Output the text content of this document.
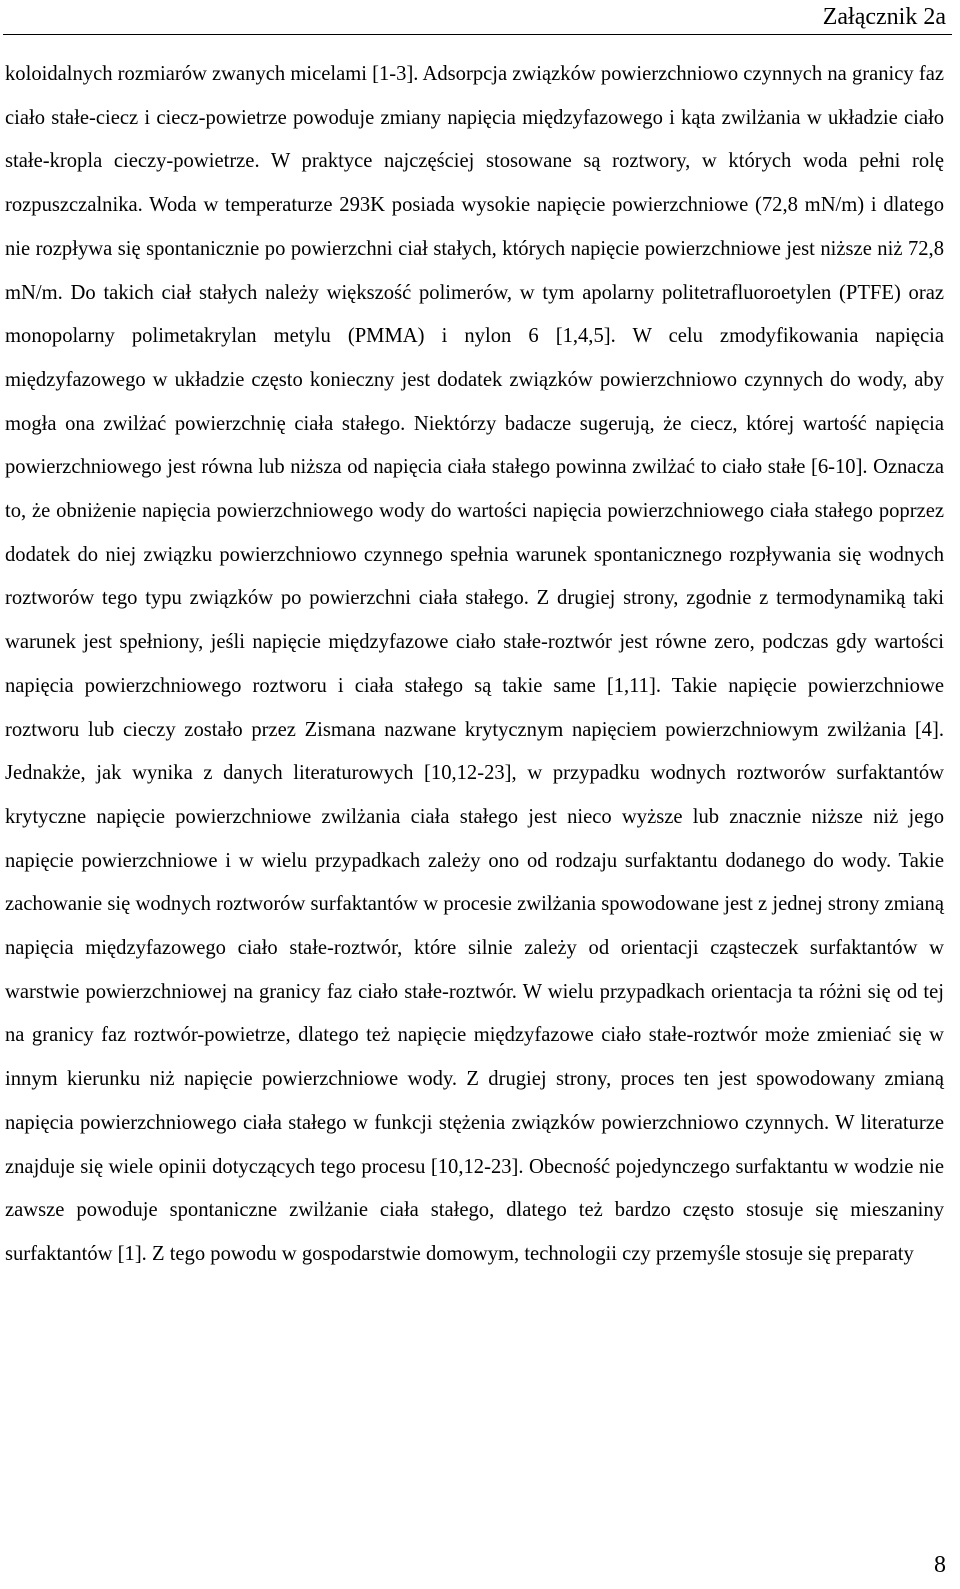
Załącznik 2a

koloidalnych rozmiarów zwanych micelami [1-3]. Adsorpcja związków powierzchniowo czynnych na granicy faz ciało stałe-ciecz i ciecz-powietrze powoduje zmiany napięcia międzyfazowego i kąta zwilżania w układzie ciało stałe-kropla cieczy-powietrze. W praktyce najczęściej stosowane są roztwory, w których woda pełni rolę rozpuszczalnika. Woda w temperaturze 293K posiada wysokie napięcie powierzchniowe (72,8 mN/m) i dlatego nie rozpływa się spontanicznie po powierzchni ciał stałych, których napięcie powierzchniowe jest niższe niż 72,8 mN/m. Do takich ciał stałych należy większość polimerów, w tym apolarny politetrafluoroetylen (PTFE) oraz monopolarny polimetakrylan metylu (PMMA) i nylon 6 [1,4,5]. W celu zmodyfikowania napięcia międzyfazowego w układzie często konieczny jest dodatek związków powierzchniowo czynnych do wody, aby mogła ona zwilżać powierzchnię ciała stałego. Niektórzy badacze sugerują, że ciecz, której wartość napięcia powierzchniowego jest równa lub niższa od napięcia ciała stałego powinna zwilżać to ciało stałe [6-10]. Oznacza to, że obniżenie napięcia powierzchniowego wody do wartości napięcia powierzchniowego ciała stałego poprzez dodatek do niej związku powierzchniowo czynnego spełnia warunek spontanicznego rozpływania się wodnych roztworów tego typu związków po powierzchni ciała stałego. Z drugiej strony, zgodnie z termodynamiką taki warunek jest spełniony, jeśli napięcie międzyfazowe ciało stałe-roztwór jest równe zero, podczas gdy wartości napięcia powierzchniowego roztworu i ciała stałego są takie same [1,11]. Takie napięcie powierzchniowe roztworu lub cieczy zostało przez Zismana nazwane krytycznym napięciem powierzchniowym zwilżania [4]. Jednakże, jak wynika z danych literaturowych [10,12-23], w przypadku wodnych roztworów surfaktantów krytyczne napięcie powierzchniowe zwilżania ciała stałego jest nieco wyższe lub znacznie niższe niż jego napięcie powierzchniowe i w wielu przypadkach zależy ono od rodzaju surfaktantu dodanego do wody. Takie zachowanie się wodnych roztworów surfaktantów w procesie zwilżania spowodowane jest z jednej strony zmianą napięcia międzyfazowego ciało stałe-roztwór, które silnie zależy od orientacji cząsteczek surfaktantów w warstwie powierzchniowej na granicy faz ciało stałe-roztwór. W wielu przypadkach orientacja ta różni się od tej na granicy faz roztwór-powietrze, dlatego też napięcie międzyfazowe ciało stałe-roztwór może zmieniać się w innym kierunku niż napięcie powierzchniowe wody. Z drugiej strony, proces ten jest spowodowany zmianą napięcia powierzchniowego ciała stałego w funkcji stężenia związków powierzchniowo czynnych. W literaturze znajduje się wiele opinii dotyczących tego procesu [10,12-23]. Obecność pojedynczego surfaktantu w wodzie nie zawsze powoduje spontaniczne zwilżanie ciała stałego, dlatego też bardzo często stosuje się mieszaniny surfaktantów [1]. Z tego powodu w gospodarstwie domowym, technologii czy przemyśle stosuje się preparaty

8
